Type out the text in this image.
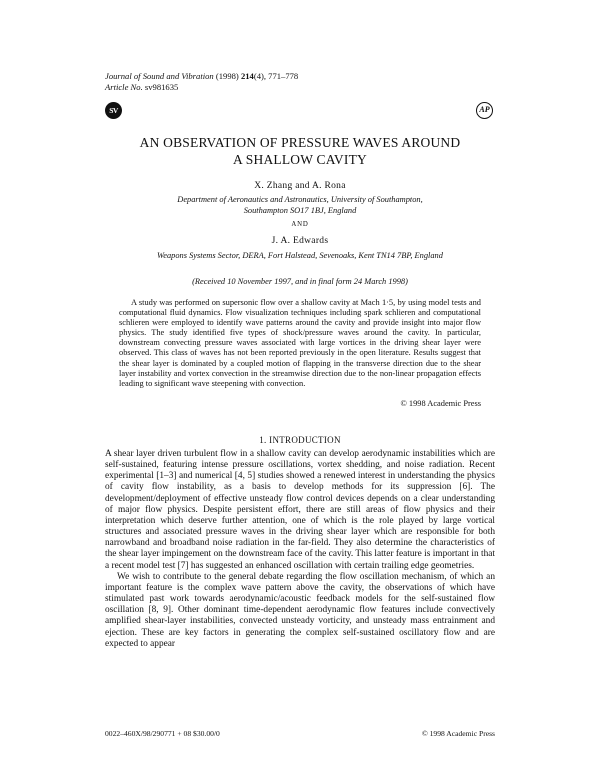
Journal of Sound and Vibration (1998) 214(4), 771–778
Article No. sv981635
SV	AP
AN OBSERVATION OF PRESSURE WAVES AROUND
A SHALLOW CAVITY
X. Zhang and A. Rona
Department of Aeronautics and Astronautics, University of Southampton,
Southampton SO17 1BJ, England
AND
J. A. Edwards
Weapons Systems Sector, DERA, Fort Halstead, Sevenoaks, Kent TN14 7BP, England
(Received 10 November 1997, and in final form 24 March 1998)
A study was performed on supersonic flow over a shallow cavity at Mach 1·5, by using model tests and computational fluid dynamics. Flow visualization techniques including spark schlieren and computational schlieren were employed to identify wave patterns around the cavity and provide insight into major flow physics. The study identified five types of shock/pressure waves around the cavity. In particular, downstream convecting pressure waves associated with large vortices in the driving shear layer were observed. This class of waves has not been reported previously in the open literature. Results suggest that the shear layer is dominated by a coupled motion of flapping in the transverse direction due to the shear layer instability and vortex convection in the streamwise direction due to the non-linear propagation effects leading to significant wave steepening with convection.
© 1998 Academic Press
1. INTRODUCTION

A shear layer driven turbulent flow in a shallow cavity can develop aerodynamic instabilities which are self-sustained, featuring intense pressure oscillations, vortex shedding, and noise radiation. Recent experimental [1–3] and numerical [4, 5] studies showed a renewed interest in understanding the physics of cavity flow instability, as a basis to develop methods for its suppression [6]. The development/deployment of effective unsteady flow control devices depends on a clear understanding of major flow physics. Despite persistent effort, there are still areas of flow physics and their interpretation which deserve further attention, one of which is the role played by large vortical structures and associated pressure waves in the driving shear layer which are responsible for both narrowband and broadband noise radiation in the far-field. They also determine the characteristics of the shear layer impingement on the downstream face of the cavity. This latter feature is important in that a recent model test [7] has suggested an enhanced oscillation with certain trailing edge geometries.

We wish to contribute to the general debate regarding the flow oscillation mechanism, of which an important feature is the complex wave pattern above the cavity, the observations of which have stimulated past work towards aerodynamic/acoustic feedback models for the self-sustained flow oscillation [8, 9]. Other dominant time-dependent aerodynamic flow features include convectively amplified shear-layer instabilities, convected unsteady vorticity, and unsteady mass entrainment and ejection. These are key factors in generating the complex self-sustained oscillatory flow and are expected to appear

0022–460X/98/290771 + 08 $30.00/0	© 1998 Academic Press
